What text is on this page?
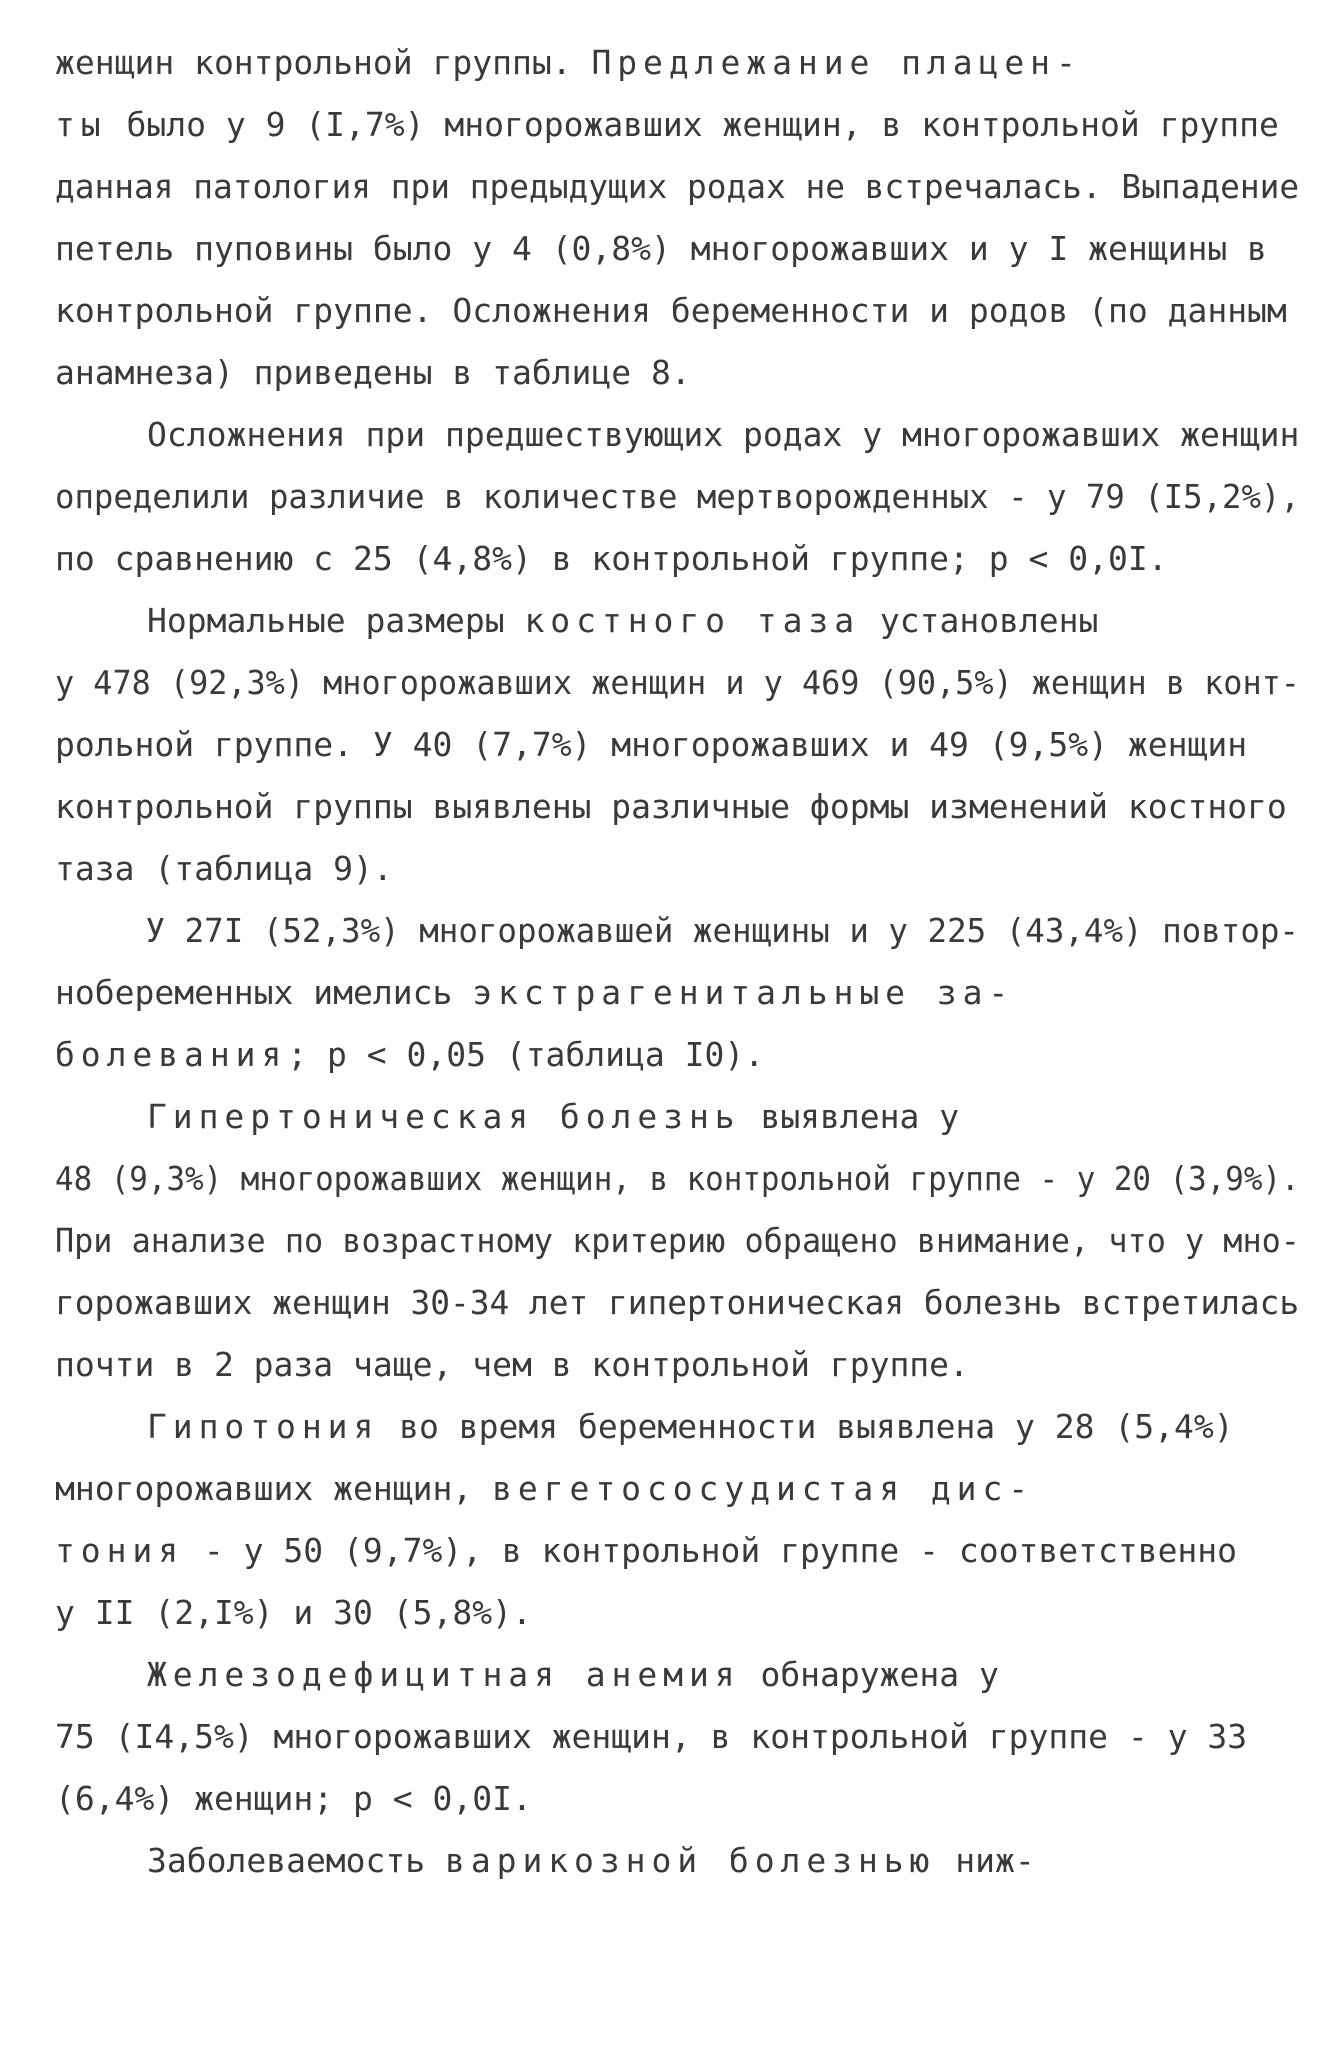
женщин контрольной группы. Предлежание плацен-
ты было у 9 (I,7%) многорожавших женщин, в контрольной группе
данная патология при предыдущих родах не встречалась. Выпадение
петель пуповины было у 4 (0,8%) многорожавших и у I женщины в
контрольной группе. Осложнения беременности и родов (по данным
анамнеза) приведены в таблице 8.
Осложнения при предшествующих родах у многорожавших женщин
определили различие в количестве мертворожденных - у 79 (I5,2%),
по сравнению с 25 (4,8%) в контрольной группе; р < 0,0I.
Нормальные размеры костного таза установлены
у 478 (92,3%) многорожавших женщин и у 469 (90,5%) женщин в конт-
рольной группе. У 40 (7,7%) многорожавших и 49 (9,5%) женщин
контрольной группы выявлены различные формы изменений костного
таза (таблица 9).
У 27I (52,3%) многорожавшей женщины и у 225 (43,4%) повтор-
нобеременных имелись экстрагенитальные за-
болевания; р < 0,05 (таблица I0).
Гипертоническая болезнь выявлена у
48 (9,3%) многорожавших женщин, в контрольной группе - у 20 (3,9%).
При анализе по возрастному критерию обращено внимание, что у мно-
горожавших женщин 30-34 лет гипертоническая болезнь встретилась
почти в 2 раза чаще, чем в контрольной группе.
Гипотония во время беременности выявлена у 28 (5,4%)
многорожавших женщин, вегетососудистая дис-
тония - у 50 (9,7%), в контрольной группе - соответственно
у II (2,I%) и 30 (5,8%).
Железодефицитная анемия обнаружена у
75 (I4,5%) многорожавших женщин, в контрольной группе - у 33
(6,4%) женщин; р < 0,0I.
Заболеваемость варикозной болезнью ниж-
